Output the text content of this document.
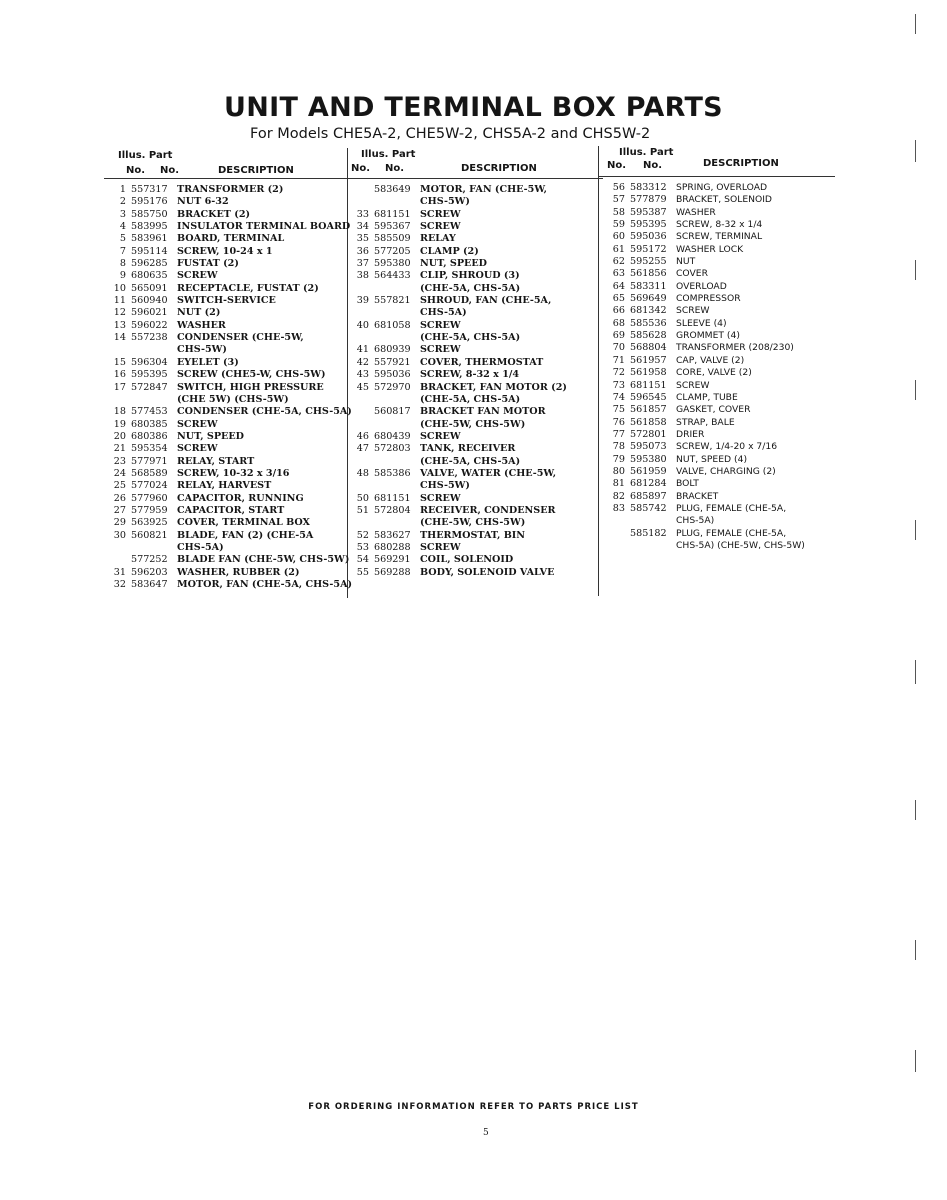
UNIT AND TERMINAL BOX PARTS
For Models CHE5A-2, CHE5W-2, CHS5A-2 and CHS5W-2
Illus. Part
No. No.	DESCRIPTION
1 557317 TRANSFORMER (2)
2 595176 NUT 6-32
3 585750 BRACKET (2)
4 583995 INSULATOR TERMINAL BOARD
5 583961 BOARD, TERMINAL
7 595114 SCREW, 10-24 x 1
8 596285 FUSTAT (2)
9 680635 SCREW
10 565091 RECEPTACLE, FUSTAT (2)
11 560940 SWITCH-SERVICE
12 596021 NUT (2)
13 596022 WASHER
14 557238 CONDENSER (CHE-5W,
CHS-5W)
15 596304 EYELET (3)
16 595395 SCREW (CHE5-W, CHS-5W)
17 572847 SWITCH, HIGH PRESSURE
(CHE 5W) (CHS-5W)
18 577453 CONDENSER (CHE-5A, CHS-5A)
19 680385 SCREW
20 680386 NUT, SPEED
21 595354 SCREW
23 577971 RELAY, START
24 568589 SCREW, 10-32 x 3/16
25 577024 RELAY, HARVEST
26 577960 CAPACITOR, RUNNING
27 577959 CAPACITOR, START
29 563925 COVER, TERMINAL BOX
30 560821 BLADE, FAN (2) (CHE-5A
CHS-5A)
577252 BLADE FAN (CHE-5W, CHS-5W)
31 596203 WASHER, RUBBER (2)
32 583647 MOTOR, FAN (CHE-5A, CHS-5A)
Illus. Part
No. No.	DESCRIPTION
583649 MOTOR, FAN (CHE-5W,
CHS-5W)
33 681151 SCREW
34 595367 SCREW
35 585509 RELAY
36 577205 CLAMP (2)
37 595380 NUT, SPEED
38 564433 CLIP, SHROUD (3)
(CHE-5A, CHS-5A)
39 557821 SHROUD, FAN (CHE-5A,
CHS-5A)
40 681058 SCREW
(CHE-5A, CHS-5A)
41 680939 SCREW
42 557921 COVER, THERMOSTAT
43 595036 SCREW, 8-32 x 1/4
45 572970 BRACKET, FAN MOTOR (2)
(CHE-5A, CHS-5A)
560817 BRACKET FAN MOTOR
(CHE-5W, CHS-5W)
46 680439 SCREW
47 572803 TANK, RECEIVER
(CHE-5A, CHS-5A)
48 585386 VALVE, WATER (CHE-5W,
CHS-5W)
50 681151 SCREW
51 572804 RECEIVER, CONDENSER
(CHE-5W, CHS-5W)
52 583627 THERMOSTAT, BIN
53 680288 SCREW
54 569291 COIL, SOLENOID
55 569288 BODY, SOLENOID VALVE
Illus. Part
No. No.	DESCRIPTION
56 583312	SPRING, OVERLOAD
57 577879	BRACKET, SOLENOID
58 595387	WASHER
59 595395	SCREW, 8-32 x 1/4
60 595036	SCREW, TERMINAL
61 595172	WASHER LOCK
62 595255	NUT
63 561856	COVER
64 583311	OVERLOAD
65 569649	COMPRESSOR
66 681342	SCREW
68 585536	SLEEVE (4)
69 585628	GROMMET (4)
70 568804	TRANSFORMER (208/230)
71 561957	CAP, VALVE (2)
72 561958	CORE, VALVE (2)
73 681151	SCREW
74 596545	CLAMP, TUBE
75 561857	GASKET, COVER
76 561858	STRAP, BALE
77 572801	DRIER
78 595073	SCREW, 1/4-20 x 7/16
79 595380	NUT, SPEED (4)
80 561959	VALVE, CHARGING (2)
81 681284	BOLT
82 685897	BRACKET
83 585742	PLUG, FEMALE (CHE-5A,
CHS-5A)
585182	PLUG, FEMALE (CHE-5A,
CHS-5A) (CHE-5W, CHS-5W)
FOR ORDERING INFORMATION REFER TO PARTS PRICE LIST
5
